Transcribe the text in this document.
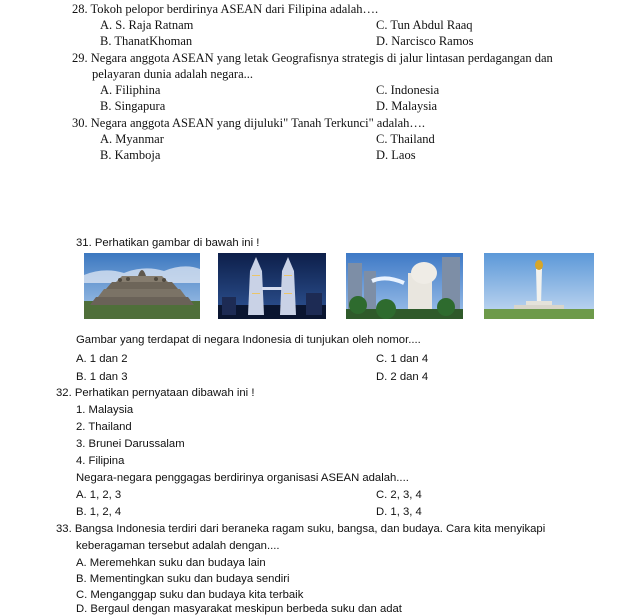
28. Tokoh pelopor berdirinya ASEAN dari Filipina adalah….
A. S. Raja Ratnam	C. Tun Abdul Raaq
B. ThanatKhoman	D. Narcisco Ramos
29. Negara anggota ASEAN yang letak Geografisnya strategis di jalur lintasan perdagangan dan
pelayaran dunia adalah negara...
A. Filiphina	C. Indonesia
B. Singapura	D. Malaysia
30. Negara anggota ASEAN yang dijuluki" Tanah Terkunci" adalah….
A. Myanmar	C. Thailand
B. Kamboja	D. Laos
31. Perhatikan gambar di bawah ini !
Gambar yang terdapat di negara Indonesia di tunjukan oleh nomor....
A. 1 dan 2	C. 1 dan 4
B. 1 dan 3	D. 2 dan 4
32. Perhatikan pernyataan dibawah ini !
1. Malaysia
2. Thailand
3. Brunei Darussalam
4. Filipina
Negara-negara penggagas berdirinya organisasi ASEAN adalah....
A. 1, 2, 3	C. 2, 3, 4
B. 1, 2, 4	D. 1, 3, 4
33. Bangsa Indonesia terdiri dari beraneka ragam suku, bangsa, dan budaya. Cara kita menyikapi
keberagaman tersebut adalah dengan....
A. Meremehkan suku dan budaya lain
B. Mementingkan suku dan budaya sendiri
C. Menganggap suku dan budaya kita terbaik
D. Bergaul dengan masyarakat meskipun berbeda suku dan adat
